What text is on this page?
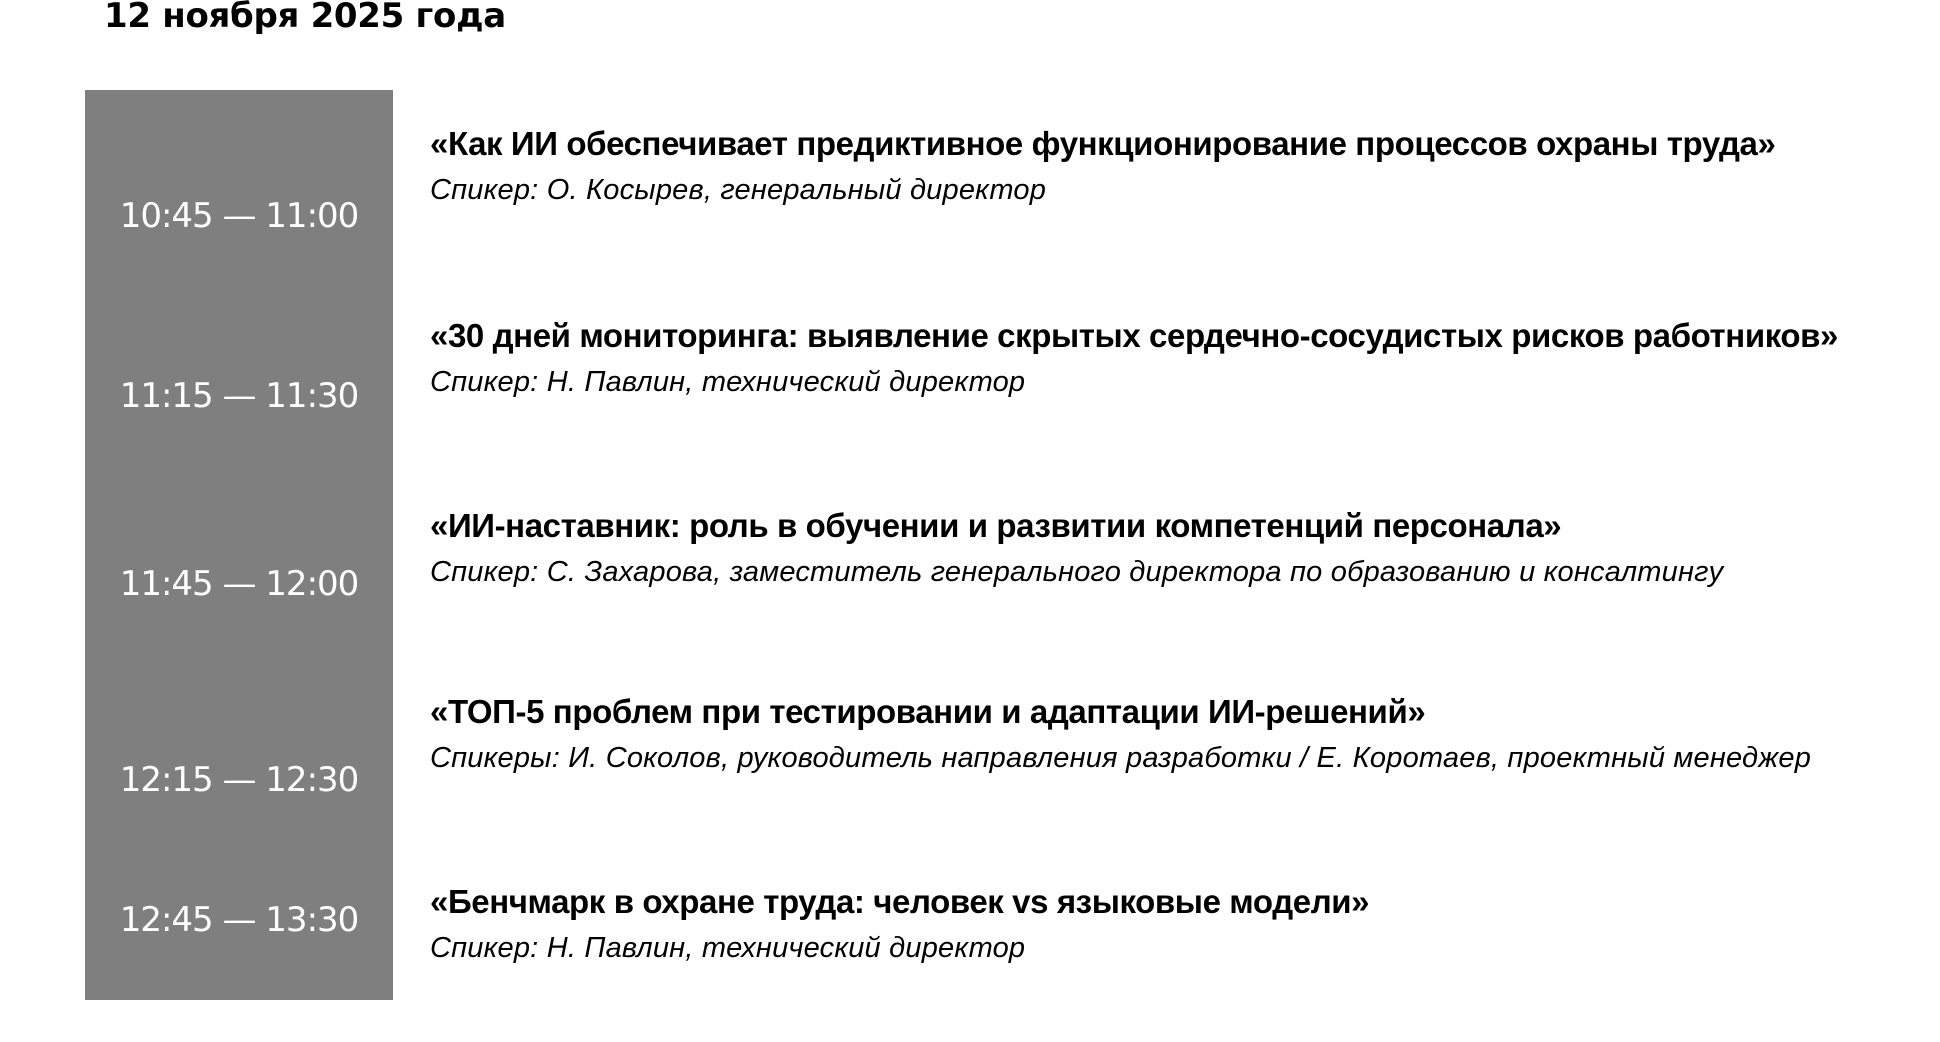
12 ноября 2025 года
10:45 — 11:00

«Как ИИ обеспечивает предиктивное функционирование процессов охраны труда»

Спикер: О. Косырев, генеральный директор

11:15 — 11:30

«30 дней мониторинга: выявление скрытых сердечно-сосудистых рисков работников»

Спикер: Н. Павлин, технический директор

11:45 — 12:00

«ИИ-наставник: роль в обучении и развитии компетенций персонала»

Спикер: С. Захарова, заместитель генерального директора по образованию и консалтингу

12:15 — 12:30

«ТОП-5 проблем при тестировании и адаптации ИИ-решений»

Спикеры: И. Соколов, руководитель направления разработки / Е. Коротаев, проектный менеджер

12:45 — 13:30	«Бенчмарк в охране труда: человек vs языковые модели»

Спикер: Н. Павлин, технический директор
